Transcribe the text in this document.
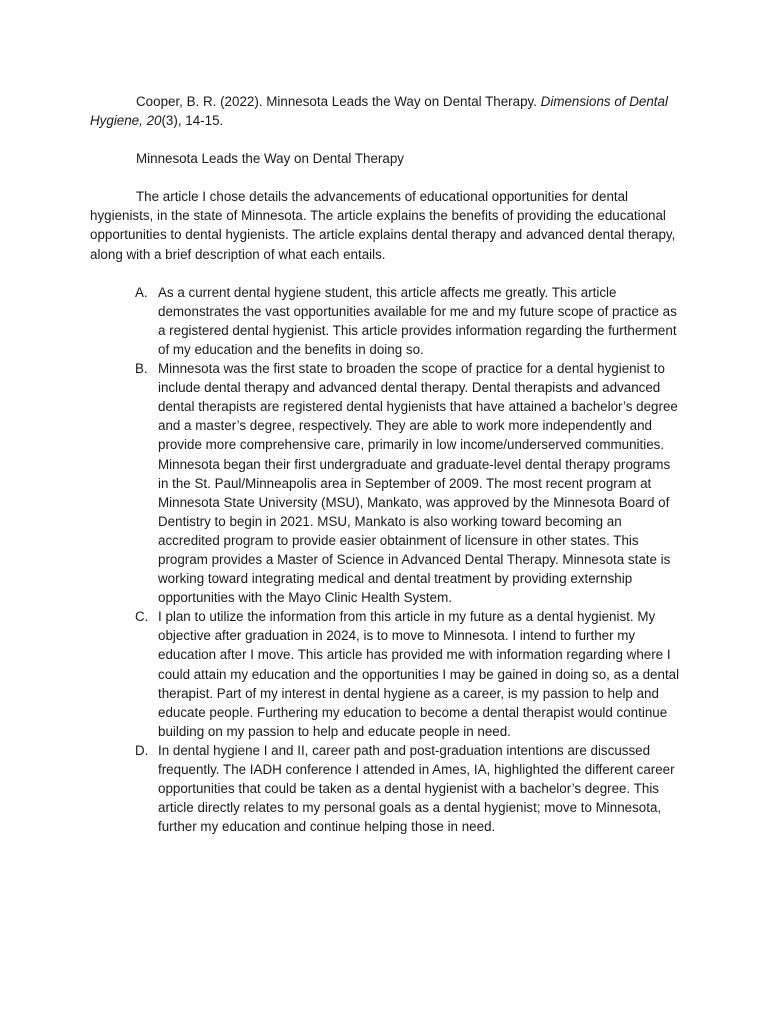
Cooper, B. R. (2022). Minnesota Leads the Way on Dental Therapy. Dimensions of Dental Hygiene, 20(3), 14-15.

Minnesota Leads the Way on Dental Therapy

The article I chose details the advancements of educational opportunities for dental hygienists, in the state of Minnesota. The article explains the benefits of providing the educational opportunities to dental hygienists. The article explains dental therapy and advanced dental therapy, along with a brief description of what each entails.

A. As a current dental hygiene student, this article affects me greatly. This article demonstrates the vast opportunities available for me and my future scope of practice as a registered dental hygienist. This article provides information regarding the furtherment of my education and the benefits in doing so.
B. Minnesota was the first state to broaden the scope of practice for a dental hygienist to include dental therapy and advanced dental therapy. Dental therapists and advanced dental therapists are registered dental hygienists that have attained a bachelor’s degree and a master’s degree, respectively. They are able to work more independently and provide more comprehensive care, primarily in low income/underserved communities. Minnesota began their first undergraduate and graduate-level dental therapy programs in the St. Paul/Minneapolis area in September of 2009. The most recent program at Minnesota State University (MSU), Mankato, was approved by the Minnesota Board of Dentistry to begin in 2021. MSU, Mankato is also working toward becoming an accredited program to provide easier obtainment of licensure in other states. This program provides a Master of Science in Advanced Dental Therapy. Minnesota state is working toward integrating medical and dental treatment by providing externship opportunities with the Mayo Clinic Health System.
C. I plan to utilize the information from this article in my future as a dental hygienist. My objective after graduation in 2024, is to move to Minnesota. I intend to further my education after I move. This article has provided me with information regarding where I could attain my education and the opportunities I may be gained in doing so, as a dental therapist. Part of my interest in dental hygiene as a career, is my passion to help and educate people. Furthering my education to become a dental therapist would continue building on my passion to help and educate people in need.
D. In dental hygiene I and II, career path and post-graduation intentions are discussed frequently. The IADH conference I attended in Ames, IA, highlighted the different career opportunities that could be taken as a dental hygienist with a bachelor’s degree. This article directly relates to my personal goals as a dental hygienist; move to Minnesota, further my education and continue helping those in need.
